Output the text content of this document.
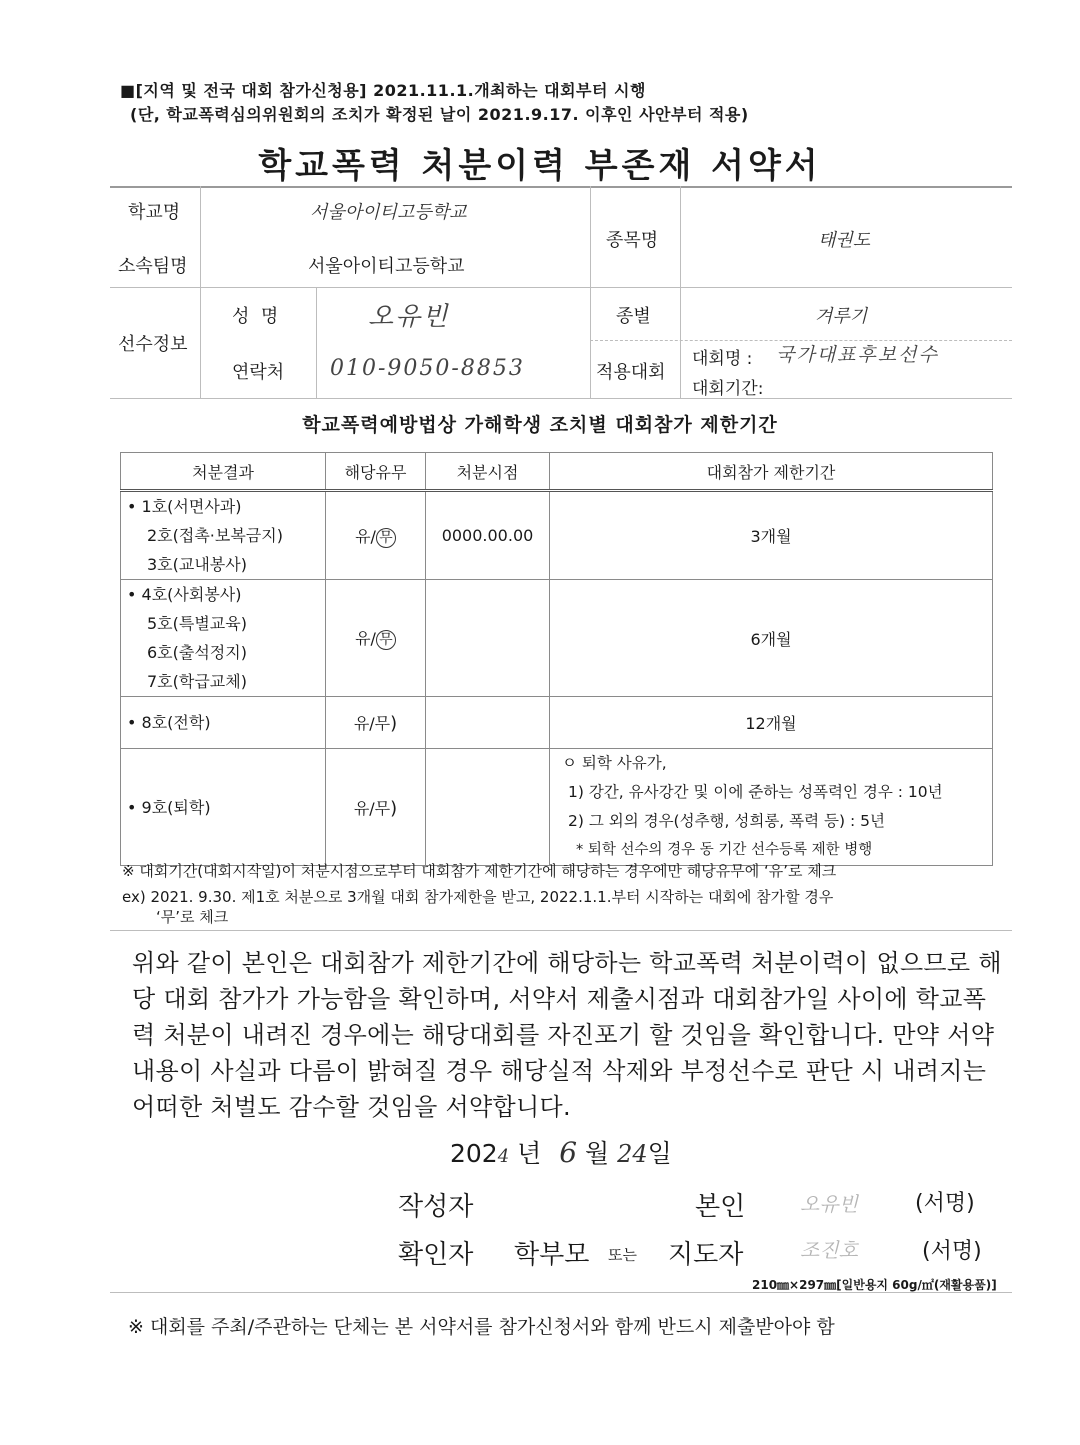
■[지역 및 전국 대회 참가신청용] 2021.11.1.개최하는 대회부터 시행
(단, 학교폭력심의위원회의 조치가 확정된 날이 2021.9.17. 이후인 사안부터 적용)
학교폭력 처분이력 부존재 서약서
학교명	서울아이티고등학교
소속팀명	서울아이티고등학교
종목명	태권도
선수정보
성  명	오유빈
연락처 010-9050-8853
종별	겨루기
적용대회
대회명 : 국가대표후보선수
대회기간:
학교폭력예방법상 가해학생 조치별 대회참가 제한기간
처분결과	해당유무	처분시점	대회참가 제한기간

• 1호(서면사과)
2호(접촉·보복금지)
3호(교내봉사)	유/ 무	0000.00.00	3개월

• 4호(사회봉사)
5호(특별교육)
6호(출석정지)
7호(학급교체)	유/ 무		6개월

• 8호(전학)	유/무)		12개월

• 9호(퇴학)	유/무)		ㅇ 퇴학 사유가,
1) 강간, 유사강간 및 이에 준하는 성폭력인 경우 : 10년
2) 그 외의 경우(성추행, 성희롱, 폭력 등) : 5년
* 퇴학 선수의 경우 동 기간 선수등록 제한 병행
※ 대회기간(대회시작일)이 처분시점으로부터 대회참가 제한기간에 해당하는 경우에만 해당유무에 ‘유’로 체크
ex) 2021. 9.30. 제1호 처분으로 3개월 대회 참가제한을 받고, 2022.1.1.부터 시작하는 대회에 참가할 경우
‘무’로 체크
위와 같이 본인은 대회참가 제한기간에 해당하는 학교폭력 처분이력이 없으므로 해당 대회 참가가 가능함을 확인하며, 서약서 제출시점과 대회참가일 사이에 학교폭력 처분이 내려진 경우에는 해당대회를 자진포기 할 것임을 확인합니다. 만약 서약내용이 사실과 다름이 밝혀질 경우 해당실적 삭제와 부정선수로 판단 시 내려지는 어떠한 처벌도 감수할 것임을 서약합니다.
2024 년 6 월 24일
작성자	본인	오유빈	(서명)
확인자 학부모 또는 지도자	조진호	(서명)
210㎜×297㎜[일반용지 60g/㎡(재활용품)]
※ 대회를 주최/주관하는 단체는 본 서약서를 참가신청서와 함께 반드시 제출받아야 함
